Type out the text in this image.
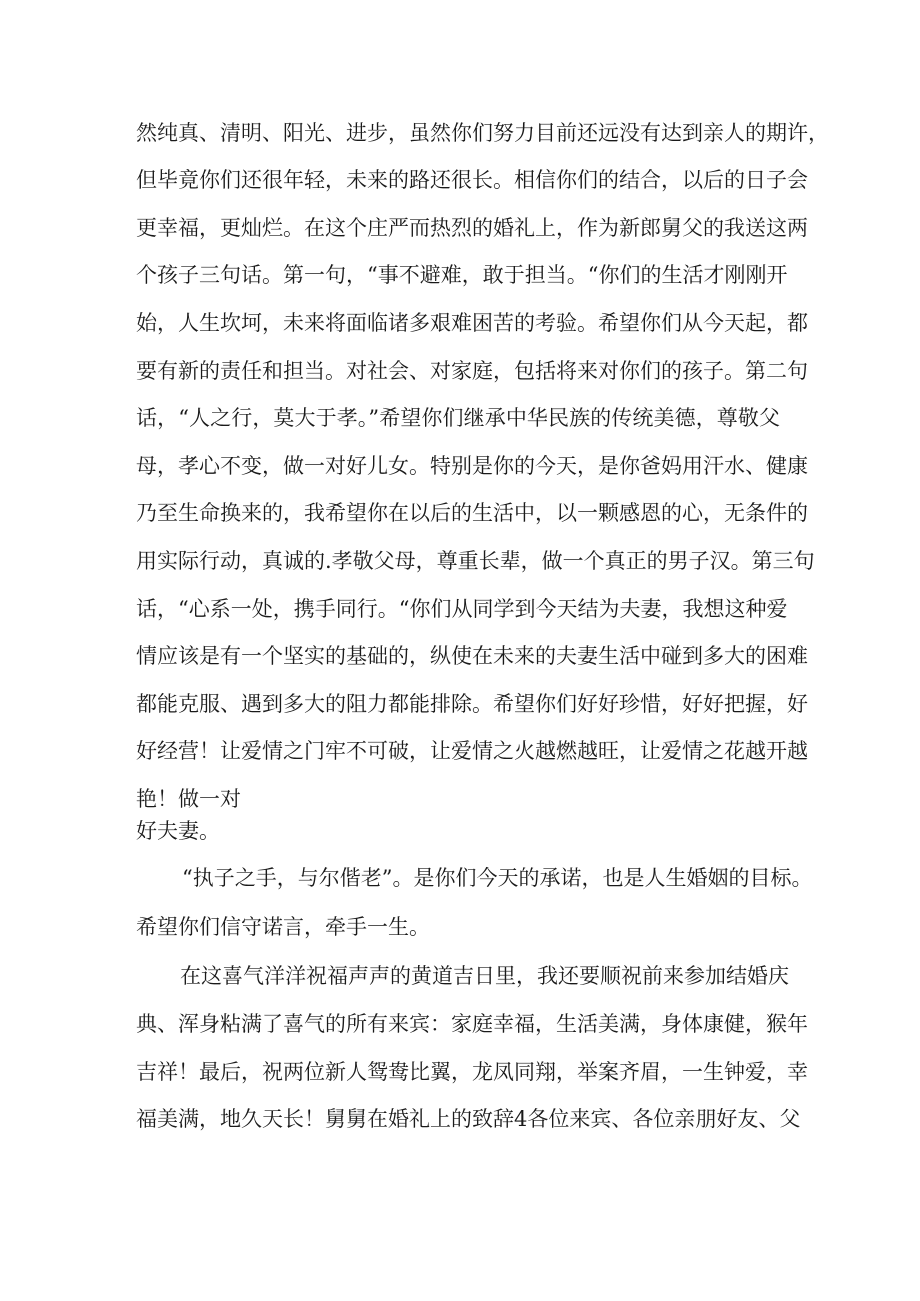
然纯真、清明、阳光、进步，虽然你们努力目前还远没有达到亲人的期许，

但毕竟你们还很年轻，未来的路还很长。相信你们的结合，以后的日子会

更幸福，更灿烂。在这个庄严而热烈的婚礼上，作为新郎舅父的我送这两

个孩子三句话。第一句，“事不避难，敢于担当。“你们的生活才刚刚开

始，人生坎坷，未来将面临诸多艰难困苦的考验。希望你们从今天起，都

要有新的责任和担当。对社会、对家庭，包括将来对你们的孩子。第二句

话，“人之行，莫大于孝。”希望你们继承中华民族的传统美德，尊敬父

母，孝心不变，做一对好儿女。特别是你的今天，是你爸妈用汗水、健康

乃至生命换来的，我希望你在以后的生活中，以一颗感恩的心，无条件的

用实际行动，真诚的.孝敬父母，尊重长辈，做一个真正的男子汉。第三句

话，“心系一处，携手同行。“你们从同学到今天结为夫妻，我想这种爱

情应该是有一个坚实的基础的，纵使在未来的夫妻生活中碰到多大的困难

都能克服、遇到多大的阻力都能排除。希望你们好好珍惜，好好把握，好

好经营！让爱情之门牢不可破，让爱情之火越燃越旺，让爱情之花越开越

艳！做一对

好夫妻。

“执子之手，与尔偕老”。是你们今天的承诺，也是人生婚姻的目标。

希望你们信守诺言，牵手一生。

在这喜气洋洋祝福声声的黄道吉日里，我还要顺祝前来参加结婚庆

典、浑身粘满了喜气的所有来宾：家庭幸福，生活美满，身体康健，猴年

吉祥！最后，祝两位新人鸳鸯比翼，龙凤同翔，举案齐眉，一生钟爱，幸

福美满，地久天长！舅舅在婚礼上的致辞4各位来宾、各位亲朋好友、父
